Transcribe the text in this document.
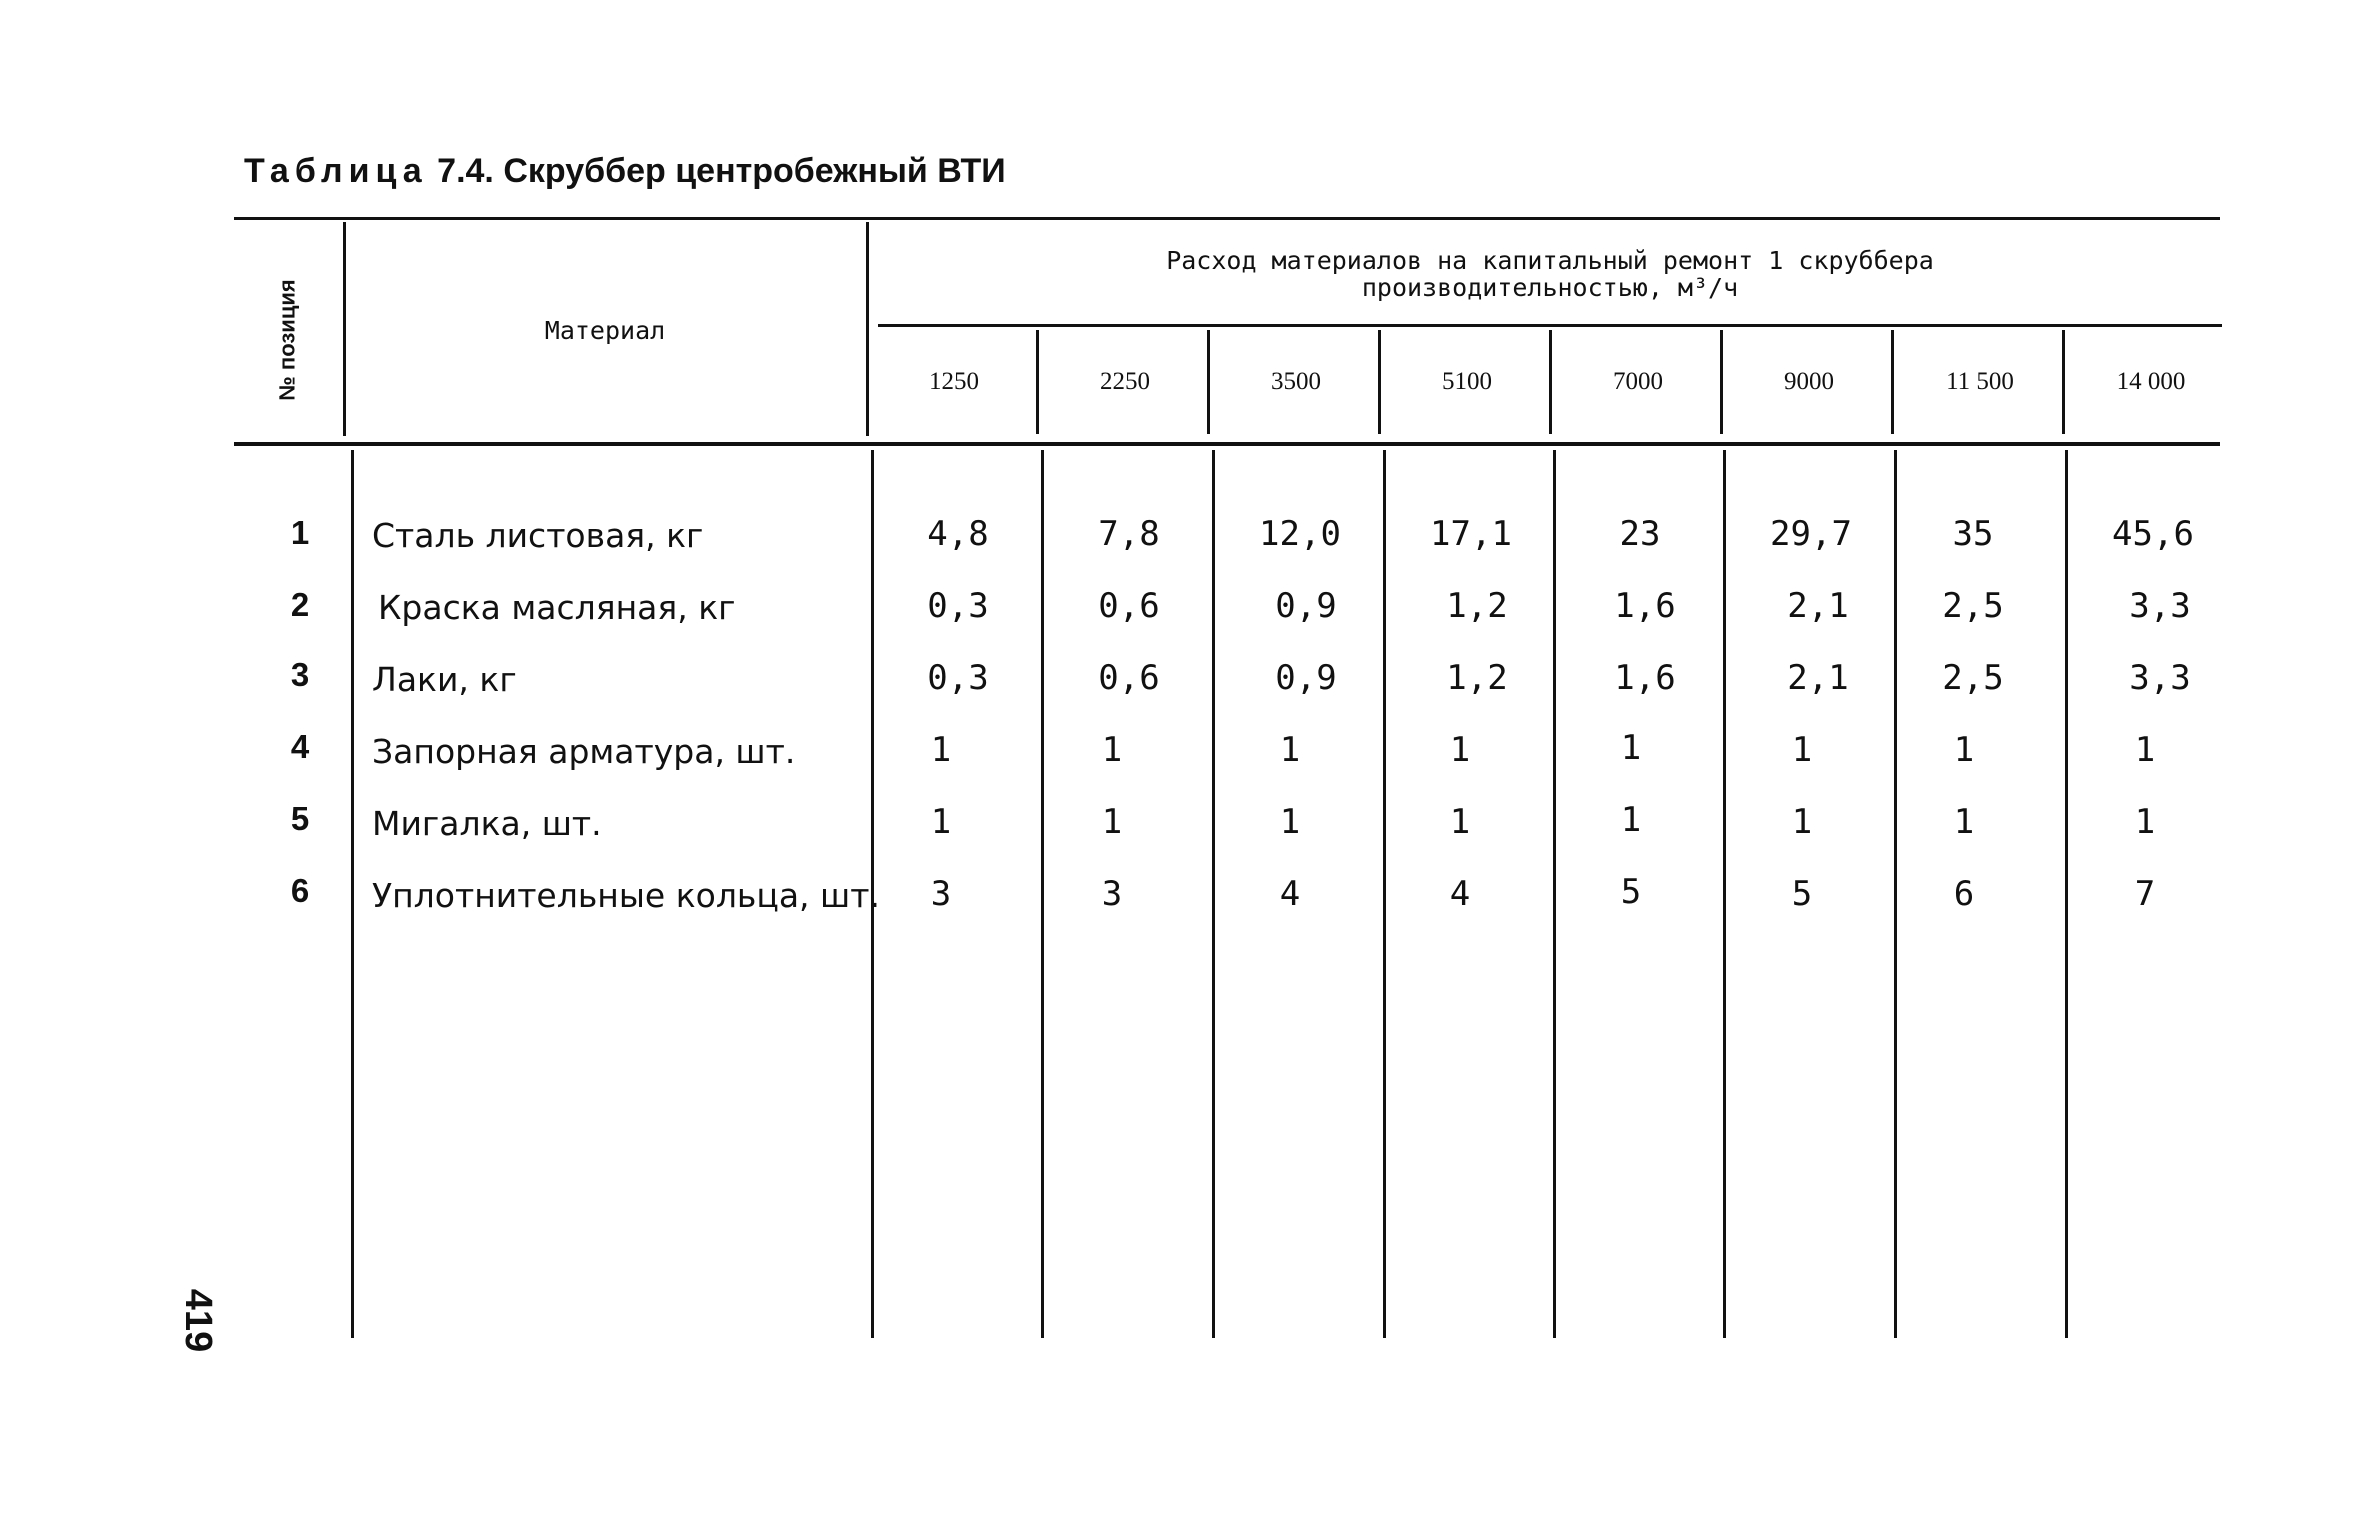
Таблица 7.4. Скруббер центробежный ВТИ
№ позиция	Материал
Расход материалов на капитальный ремонт 1 скруббера
производительностью, м³/ч
1250	2250	3500	5100	7000	9000	11 500	14 000
1	Сталь листовая, кг	4,8	7,8	12,0	17,1	23	29,7	35	45,6
2	Краска масляная, кг	0,3	0,6	0,9	1,2	1,6	2,1	2,5	3,3
3	Лаки, кг	0,3	0,6	0,9	1,2	1,6	2,1	2,5	3,3
4	Запорная арматура, шт.	1	1	1	1	1	1	1	1
5	Мигалка, шт.	1	1	1	1	1	1	1	1
6	Уплотнительные кольца, шт.	3	3	4	4	5	5	6	7
419
